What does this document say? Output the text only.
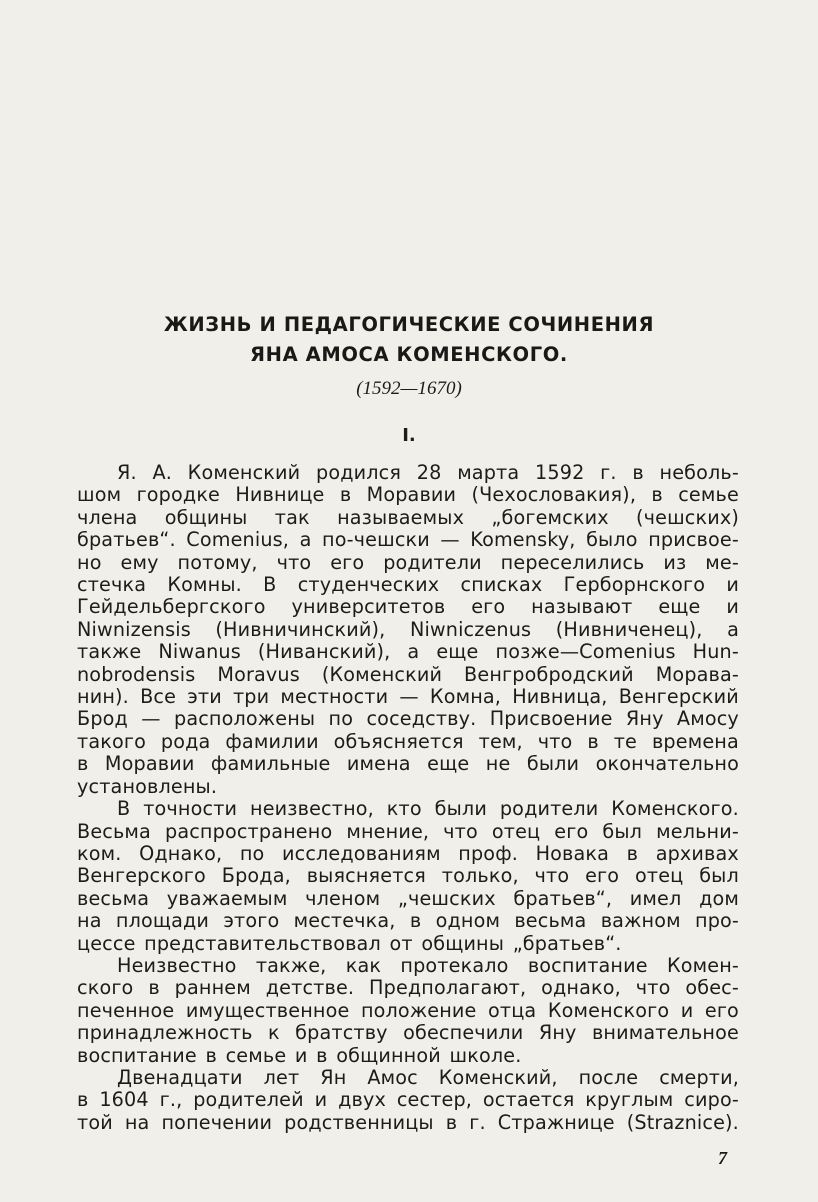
ЖИЗНЬ И ПЕДАГОГИЧЕСКИЕ СОЧИНЕНИЯ
ЯНА АМОСА КОМЕНСКОГО.
(1592—1670)
I.
Я. А. Коменский родился 28 марта 1592 г. в неболь-
шом городке Нивнице в Моравии (Чехословакия), в семье
члена общины так называемых „богемских (чешских)
братьев“. Comenius, а по-чешски — Komensky, было присвое-
но ему потому, что его родители переселились из ме-
стечка Комны. В студенческих списках Герборнского и
Гейдельбергского университетов его называют еще и
Niwnizensis (Нивничинский), Niwniczenus (Нивниченец), а
также Niwanus (Ниванский), а еще позже—Comenius Hun-
nobrodensis Moravus (Коменский Венгробродский Морава-
нин). Все эти три местности — Комна, Нивница, Венгерский
Брод — расположены по соседству. Присвоение Яну Амосу
такого рода фамилии объясняется тем, что в те времена
в Моравии фамильные имена еще не были окончательно
установлены.
В точности неизвестно, кто были родители Коменского.
Весьма распространено мнение, что отец его был мельни-
ком. Однако, по исследованиям проф. Новака в архивах
Венгерского Брода, выясняется только, что его отец был
весьма уважаемым членом „чешских братьев“, имел дом
на площади этого местечка, в одном весьма важном про-
цессе представительствовал от общины „братьев“.
Неизвестно также, как протекало воспитание Комен-
ского в раннем детстве. Предполагают, однако, что обес-
печенное имущественное положение отца Коменского и его
принадлежность к братству обеспечили Яну внимательное
воспитание в семье и в общинной школе.
Двенадцати лет Ян Амос Коменский, после смерти,
в 1604 г., родителей и двух сестер, остается круглым сиро-
той на попечении родственницы в г. Стражнице (Straznice).
7
